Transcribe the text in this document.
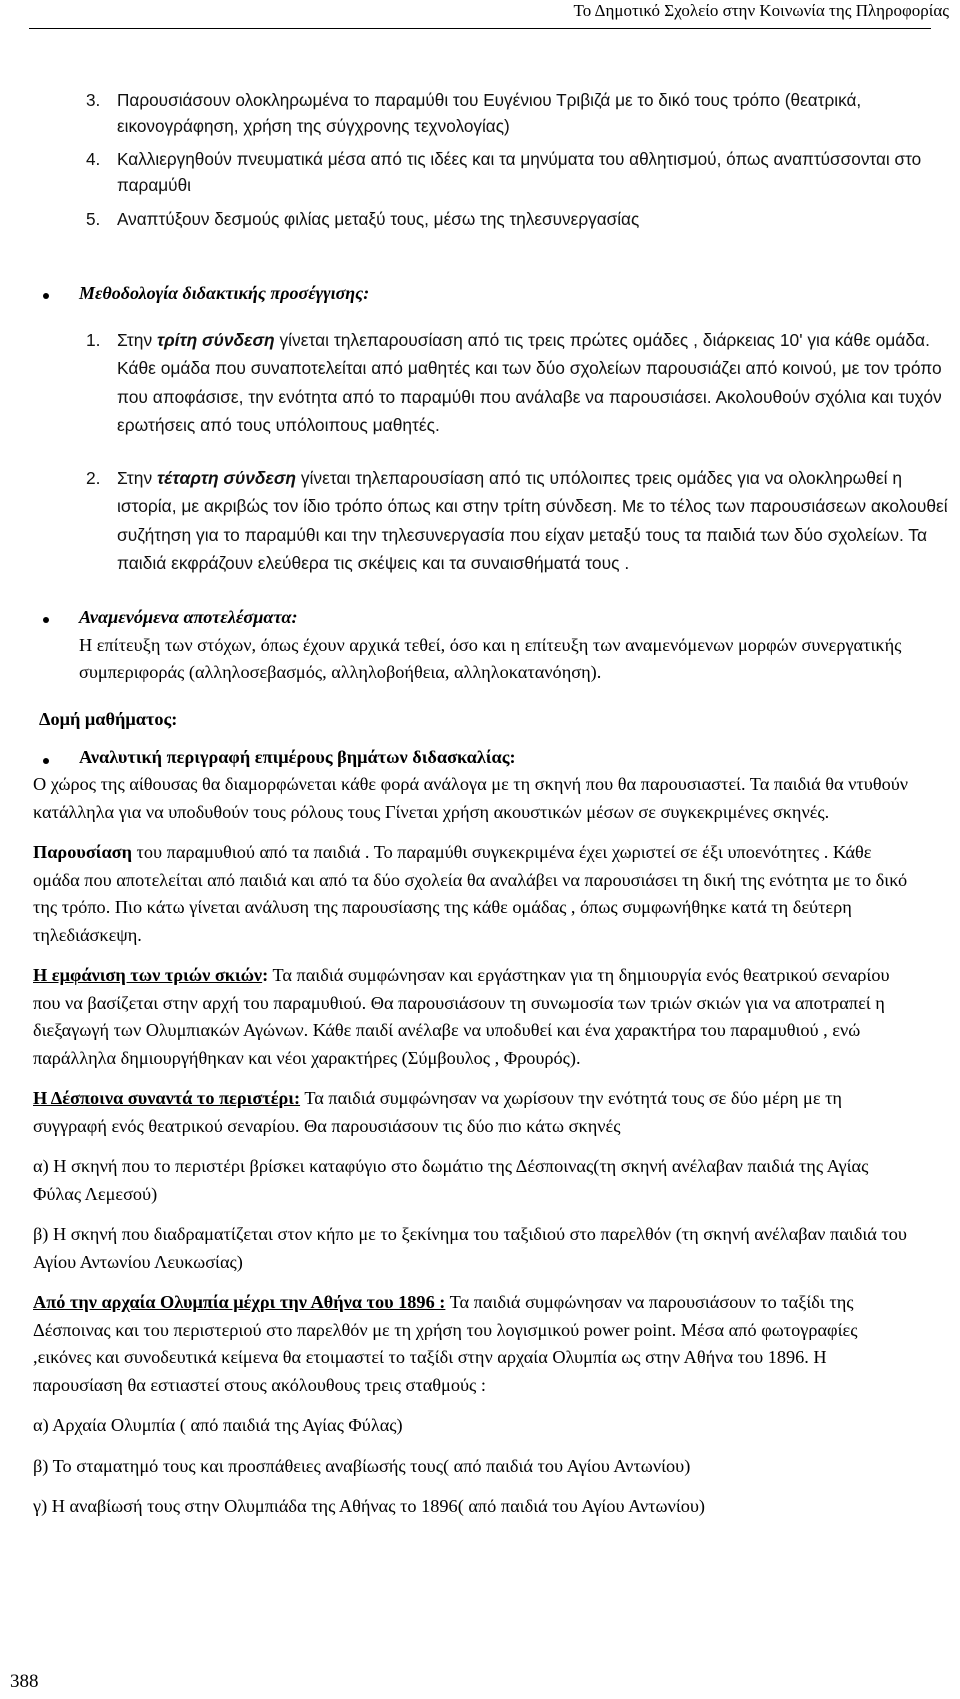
Το Δημοτικό Σχολείο στην Κοινωνία της Πληροφορίας
3. Παρουσιάσουν ολοκληρωμένα το παραμύθι του Ευγένιου Τριβιζά με το δικό τους τρόπο (θεατρικά, εικονογράφηση, χρήση της σύγχρονης τεχνολογίας)
4. Καλλιεργηθούν πνευματικά μέσα από τις ιδέες και τα μηνύματα του αθλητισμού, όπως αναπτύσσονται στο παραμύθι
5. Αναπτύξουν δεσμούς φιλίας μεταξύ τους, μέσω της τηλεσυνεργασίας
Μεθοδολογία διδακτικής προσέγγισης:
1. Στην τρίτη σύνδεση γίνεται τηλεπαρουσίαση από τις τρεις πρώτες ομάδες , διάρκειας 10' για κάθε ομάδα. Κάθε ομάδα που συναποτελείται από μαθητές και των δύο σχολείων παρουσιάζει από κοινού, με τον τρόπο που αποφάσισε, την ενότητα από το παραμύθι που ανάλαβε να παρουσιάσει. Ακολουθούν σχόλια και τυχόν ερωτήσεις από τους υπόλοιπους μαθητές.
2. Στην τέταρτη σύνδεση γίνεται τηλεπαρουσίαση από τις υπόλοιπες τρεις ομάδες για να ολοκληρωθεί η ιστορία, με ακριβώς τον ίδιο τρόπο όπως και στην τρίτη σύνδεση. Με το τέλος των παρουσιάσεων ακολουθεί συζήτηση για το παραμύθι και την τηλεσυνεργασία που είχαν μεταξύ τους τα παιδιά των δύο σχολείων. Τα παιδιά εκφράζουν ελεύθερα τις σκέψεις και τα συναισθήματά τους .

Αναμενόμενα αποτελέσματα:

Η επίτευξη των στόχων, όπως έχουν αρχικά τεθεί, όσο και η επίτευξη των αναμενόμενων μορφών συνεργατικής συμπεριφοράς (αλληλοσεβασμός, αλληλοβοήθεια, αλληλοκατανόηση).

Δομή μαθήματος:
Αναλυτική περιγραφή επιμέρους βημάτων διδασκαλίας:

Ο χώρος της αίθουσας θα διαμορφώνεται κάθε φορά ανάλογα με τη σκηνή που θα παρουσιαστεί. Τα παιδιά θα ντυθούν κατάλληλα για να υποδυθούν τους ρόλους τους Γίνεται χρήση ακουστικών μέσων σε συγκεκριμένες σκηνές.

Παρουσίαση του παραμυθιού από τα παιδιά . Το παραμύθι συγκεκριμένα έχει χωριστεί σε έξι υποενότητες . Κάθε ομάδα που αποτελείται από παιδιά και από τα δύο σχολεία θα αναλάβει να παρουσιάσει τη δική της ενότητα με το δικό της τρόπο. Πιο κάτω γίνεται ανάλυση της παρουσίασης της κάθε ομάδας , όπως συμφωνήθηκε κατά τη δεύτερη τηλεδιάσκεψη.

Η εμφάνιση των τριών σκιών: Τα παιδιά συμφώνησαν και εργάστηκαν για τη δημιουργία ενός θεατρικού σεναρίου που να βασίζεται στην αρχή του παραμυθιού. Θα παρουσιάσουν τη συνωμοσία των τριών σκιών για να αποτραπεί η διεξαγωγή των Ολυμπιακών Αγώνων. Κάθε παιδί ανέλαβε να υποδυθεί και ένα χαρακτήρα του παραμυθιού , ενώ παράλληλα δημιουργήθηκαν και νέοι χαρακτήρες (Σύμβουλος , Φρουρός).

Η Δέσποινα συναντά το περιστέρι: Τα παιδιά συμφώνησαν να χωρίσουν την ενότητά τους σε δύο μέρη με τη συγγραφή ενός θεατρικού σεναρίου. Θα παρουσιάσουν τις δύο πιο κάτω σκηνές

α) Η σκηνή που το περιστέρι βρίσκει καταφύγιο στο δωμάτιο της Δέσποινας(τη σκηνή ανέλαβαν παιδιά της Αγίας Φύλας Λεμεσού)

β) Η σκηνή που διαδραματίζεται στον κήπο με το ξεκίνημα του ταξιδιού στο παρελθόν (τη σκηνή ανέλαβαν παιδιά του Αγίου Αντωνίου Λευκωσίας)

Από την αρχαία Ολυμπία μέχρι την Αθήνα του 1896 : Τα παιδιά συμφώνησαν να παρουσιάσουν το ταξίδι της Δέσποινας και του περιστεριού στο παρελθόν με τη χρήση του λογισμικού power point. Μέσα από φωτογραφίες ,εικόνες και συνοδευτικά κείμενα θα ετοιμαστεί το ταξίδι στην αρχαία Ολυμπία ως στην Αθήνα του 1896. Η παρουσίαση θα εστιαστεί στους ακόλουθους τρεις σταθμούς :

α) Αρχαία Ολυμπία ( από παιδιά της Αγίας Φύλας)

β) Το σταματημό τους και προσπάθειες αναβίωσής τους( από παιδιά του Αγίου Αντωνίου)

γ) Η αναβίωσή τους στην Ολυμπιάδα της Αθήνας το 1896( από παιδιά του Αγίου Αντωνίου)

388
